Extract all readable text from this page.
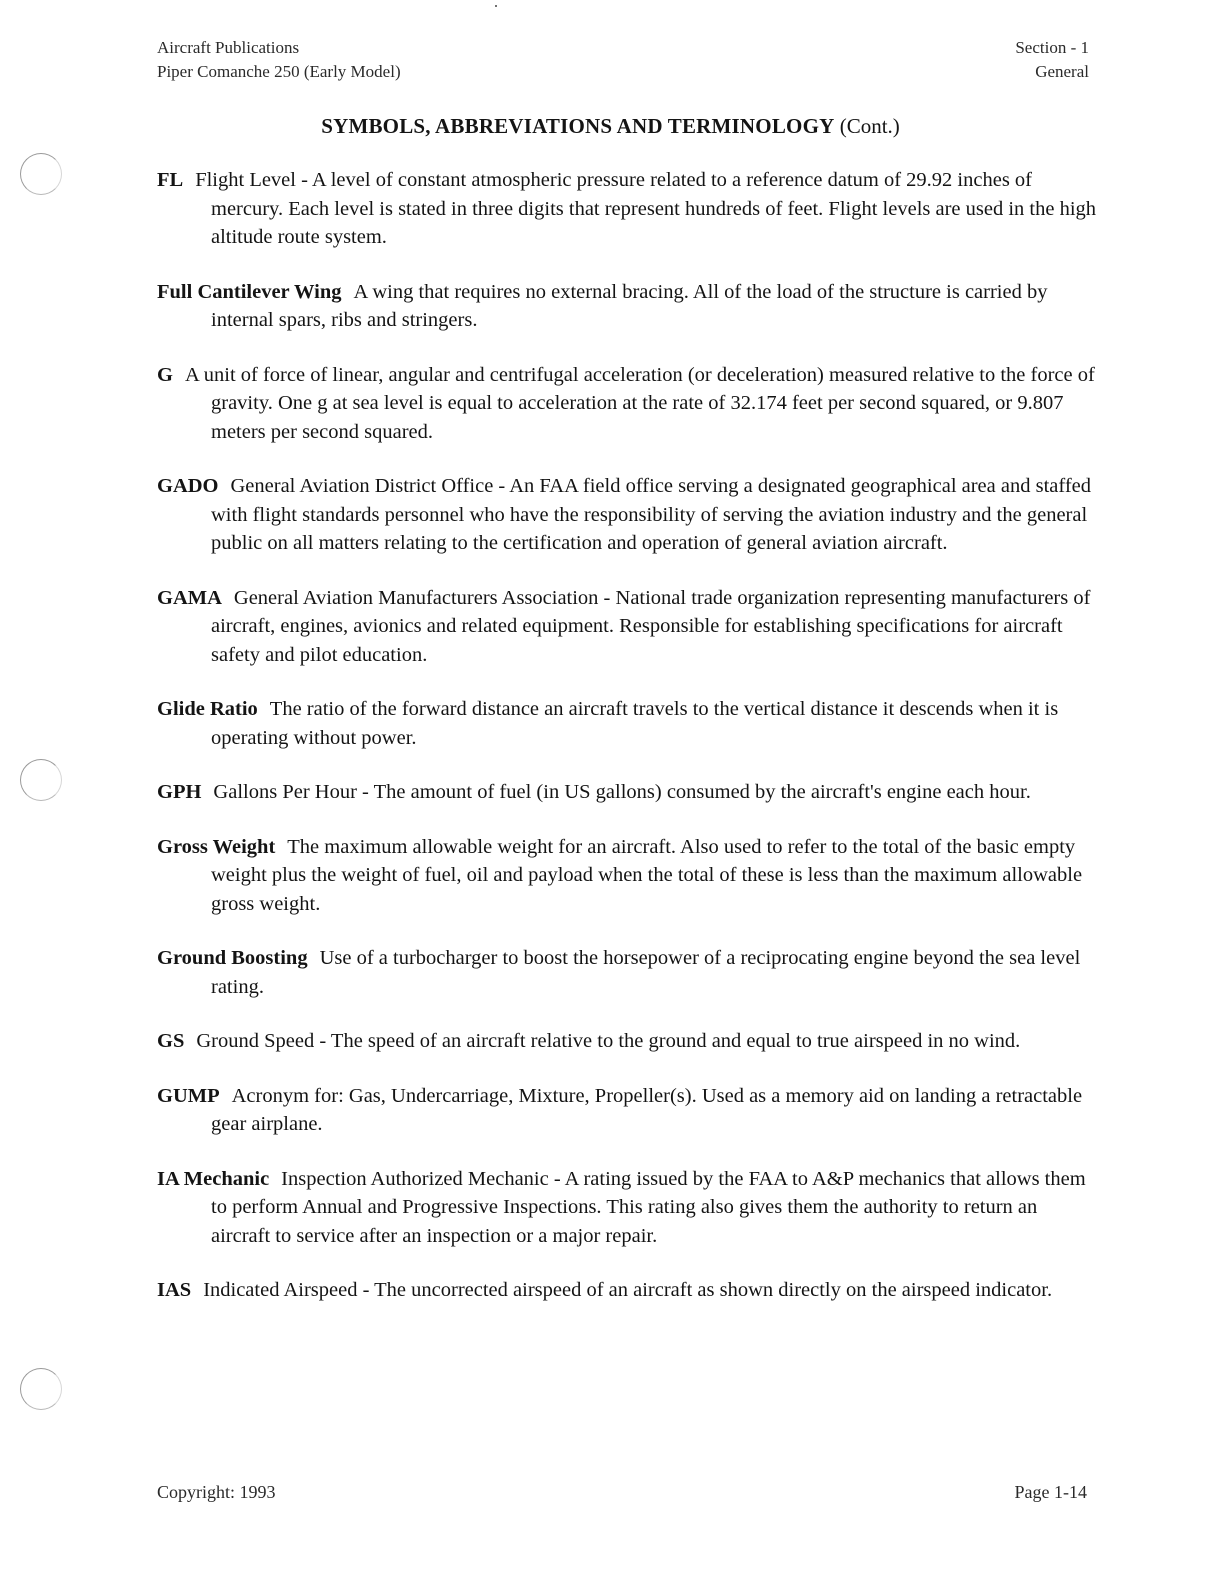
Aircraft Publications
Piper Comanche 250 (Early Model)
Section - 1
General
SYMBOLS, ABBREVIATIONS AND TERMINOLOGY (Cont.)
FL Flight Level - A level of constant atmospheric pressure related to a reference datum of 29.92 inches of mercury. Each level is stated in three digits that represent hundreds of feet. Flight levels are used in the high altitude route system.
Full Cantilever Wing A wing that requires no external bracing. All of the load of the structure is carried by internal spars, ribs and stringers.
G A unit of force of linear, angular and centrifugal acceleration (or deceleration) measured relative to the force of gravity. One g at sea level is equal to acceleration at the rate of 32.174 feet per second squared, or 9.807 meters per second squared.
GADO General Aviation District Office - An FAA field office serving a designated geographical area and staffed with flight standards personnel who have the responsibility of serving the aviation industry and the general public on all matters relating to the certification and operation of general aviation aircraft.
GAMA General Aviation Manufacturers Association - National trade organization representing manufacturers of aircraft, engines, avionics and related equipment. Responsible for establishing specifications for aircraft safety and pilot education.
Glide Ratio The ratio of the forward distance an aircraft travels to the vertical distance it descends when it is operating without power.
GPH Gallons Per Hour - The amount of fuel (in US gallons) consumed by the aircraft's engine each hour.
Gross Weight The maximum allowable weight for an aircraft. Also used to refer to the total of the basic empty weight plus the weight of fuel, oil and payload when the total of these is less than the maximum allowable gross weight.
Ground Boosting Use of a turbocharger to boost the horsepower of a reciprocating engine beyond the sea level rating.
GS Ground Speed - The speed of an aircraft relative to the ground and equal to true airspeed in no wind.
GUMP Acronym for: Gas, Undercarriage, Mixture, Propeller(s). Used as a memory aid on landing a retractable gear airplane.
IA Mechanic Inspection Authorized Mechanic - A rating issued by the FAA to A&P mechanics that allows them to perform Annual and Progressive Inspections. This rating also gives them the authority to return an aircraft to service after an inspection or a major repair.
IAS Indicated Airspeed - The uncorrected airspeed of an aircraft as shown directly on the airspeed indicator.
Copyright: 1993	Page 1-14
